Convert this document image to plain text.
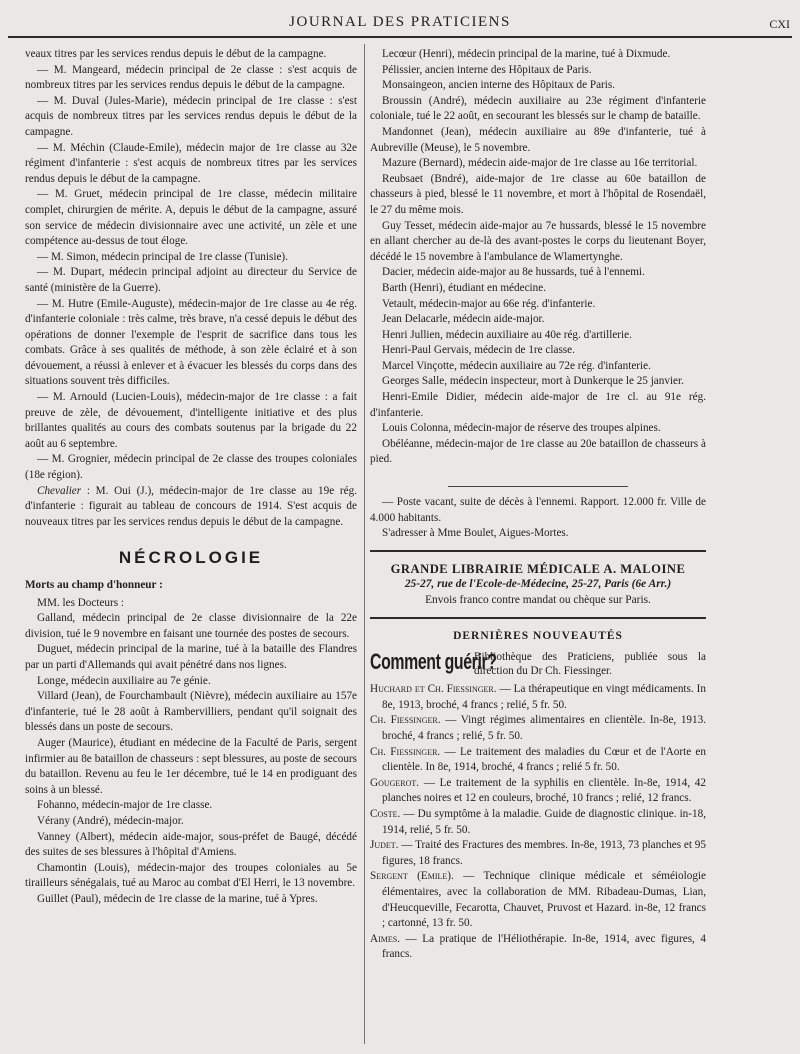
JOURNAL DES PRATICIENS	CXI

veaux titres par les services rendus depuis le début de la campagne.

— M. Mangeard, médecin principal de 2e classe : s'est acquis de nombreux titres par les services rendus depuis le début de la campagne.

— M. Duval (Jules-Marie), médecin principal de 1re classe : s'est acquis de nombreux titres par les services rendus depuis le début de la campagne.

— M. Méchin (Claude-Emile), médecin major de 1re classe au 32e régiment d'infanterie : s'est acquis de nombreux titres par les services rendus depuis le début de la campagne.

— M. Gruet, médecin principal de 1re classe, médecin militaire complet, chirurgien de mérite. A, depuis le début de la campagne, assuré son service de médecin divisionnaire avec une activité, un zèle et une compétence au-dessus de tout éloge.

— M. Simon, médecin principal de 1re classe (Tunisie).

— M. Dupart, médecin principal adjoint au directeur du Service de santé (ministère de la Guerre).

— M. Hutre (Emile-Auguste), médecin-major de 1re classe au 4e rég. d'infanterie coloniale : très calme, très brave, n'a cessé depuis le début des opérations de donner l'exemple de l'esprit de sacrifice dans tous les combats. Grâce à ses qualités de méthode, à son zèle éclairé et à son dévouement, a réussi à enlever et à évacuer les blessés du corps dans des situations souvent très difficiles.

— M. Arnould (Lucien-Louis), médecin-major de 1re classe : a fait preuve de zèle, de dévouement, d'intelligente initiative et des plus brillantes qualités au cours des combats soutenus par la brigade du 22 août au 6 septembre.

— M. Grognier, médecin principal de 2e classe des troupes coloniales (18e région).

Chevalier : M. Oui (J.), médecin-major de 1re classe au 19e rég. d'infanterie : figurait au tableau de concours de 1914. S'est acquis de nouveaux titres par les services rendus depuis le début de la campagne.

NÉCROLOGIE

Morts au champ d'honneur :

MM. les Docteurs :

Galland, médecin principal de 2e classe divisionnaire de la 22e division, tué le 9 novembre en faisant une tournée des postes de secours.

Duguet, médecin principal de la marine, tué à la bataille des Flandres par un parti d'Allemands qui avait pénétré dans nos lignes.

Longe, médecin auxiliaire au 7e génie.

Villard (Jean), de Fourchambault (Nièvre), médecin auxiliaire au 157e d'infanterie, tué le 28 août à Rambervilliers, pendant qu'il soignait des blessés dans un poste de secours.

Auger (Maurice), étudiant en médecine de la Faculté de Paris, sergent infirmier au 8e bataillon de chasseurs : sept blessures, au poste de secours du bataillon. Revenu au feu le 1er décembre, tué le 14 en prodiguant des soins à un blessé.

Fohanno, médecin-major de 1re classe.

Vérany (André), médecin-major.

Vanney (Albert), médecin aide-major, sous-préfet de Baugé, décédé des suites de ses blessures à l'hôpital d'Amiens.

Chamontin (Louis), médecin-major des troupes coloniales au 5e tirailleurs sénégalais, tué au Maroc au combat d'El Herri, le 13 novembre.

Guillet (Paul), médecin de 1re classe de la marine, tué à Ypres.

Lecœur (Henri), médecin principal de la marine, tué à Dixmude.

Pélissier, ancien interne des Hôpitaux de Paris.

Monsaingeon, ancien interne des Hôpitaux de Paris.

Broussin (André), médecin auxiliaire au 23e régiment d'infanterie coloniale, tué le 22 août, en secourant les blessés sur le champ de bataille.

Mandonnet (Jean), médecin auxiliaire au 89e d'infanterie, tué à Aubreville (Meuse), le 5 novembre.

Mazure (Bernard), médecin aide-major de 1re classe au 16e territorial.

Reubsaet (Bndré), aide-major de 1re classe au 60e bataillon de chasseurs à pied, blessé le 11 novembre, et mort à l'hôpital de Rosendaël, le 27 du même mois.

Guy Tesset, médecin aide-major au 7e hussards, blessé le 15 novembre en allant chercher au de-là des avant-postes le corps du lieutenant Boyer, décédé le 15 novembre à l'ambulance de Wlamertynghe.

Dacier, médecin aide-major au 8e hussards, tué à l'ennemi.

Barth (Henri), étudiant en médecine.

Vetault, médecin-major au 66e rég. d'infanterie.

Jean Delacarle, médecin aide-major.

Henri Jullien, médecin auxiliaire au 40e rég. d'artillerie.

Henri-Paul Gervais, médecin de 1re classe.

Marcel Vinçotte, médecin auxiliaire au 72e rég. d'infanterie.

Georges Salle, médecin inspecteur, mort à Dunkerque le 25 janvier.

Henri-Emile Didier, médecin aide-major de 1re cl. au 91e rég. d'infanterie.

Louis Colonna, médecin-major de réserve des troupes alpines.

Obéléanne, médecin-major de 1re classe au 20e bataillon de chasseurs à pied.

— Poste vacant, suite de décès à l'ennemi. Rapport. 12.000 fr. Ville de 4.000 habitants.

S'adresser à Mme Boulet, Aigues-Mortes.

GRANDE LIBRAIRIE MÉDICALE A. MALOINE
25-27, rue de l'Ecole-de-Médecine, 25-27, Paris (6e Arr.)
Envois franco contre mandat ou chèque sur Paris.
DERNIÈRES NOUVEAUTÉS
Comment guérir?
Bibliothèque des Praticiens, publiée sous la direction du Dr Ch. Fiessinger.

Huchard et Ch. Fiessinger. — La thérapeutique en vingt médicaments. In 8e, 1913, broché, 4 francs ; relié, 5 fr. 50.

Ch. Fiessinger. — Vingt régimes alimentaires en clientèle. In-8e, 1913. broché, 4 francs ; relié, 5 fr. 50.

Ch. Fiessinger. — Le traitement des maladies du Cœur et de l'Aorte en clientèle. In 8e, 1914, broché, 4 francs ; relié 5 fr. 50.

Gougerot. — Le traitement de la syphilis en clientèle. In-8e, 1914, 42 planches noires et 12 en couleurs, broché, 10 francs ; relié, 12 francs.

Coste. — Du symptôme à la maladie. Guide de diagnostic clinique. in-18, 1914, relié, 5 fr. 50.

Judet. — Traité des Fractures des membres. In-8e, 1913, 73 planches et 95 figures, 18 francs.

Sergent (Emile). — Technique clinique médicale et séméiologie élémentaires, avec la collaboration de MM. Ribadeau-Dumas, Lian, d'Heucqueville, Fecarotta, Chauvet, Pruvost et Hazard. in-8e, 12 francs ; cartonné, 13 fr. 50.

Aimes. — La pratique de l'Héliothérapie. In-8e, 1914, avec figures, 4 francs.
